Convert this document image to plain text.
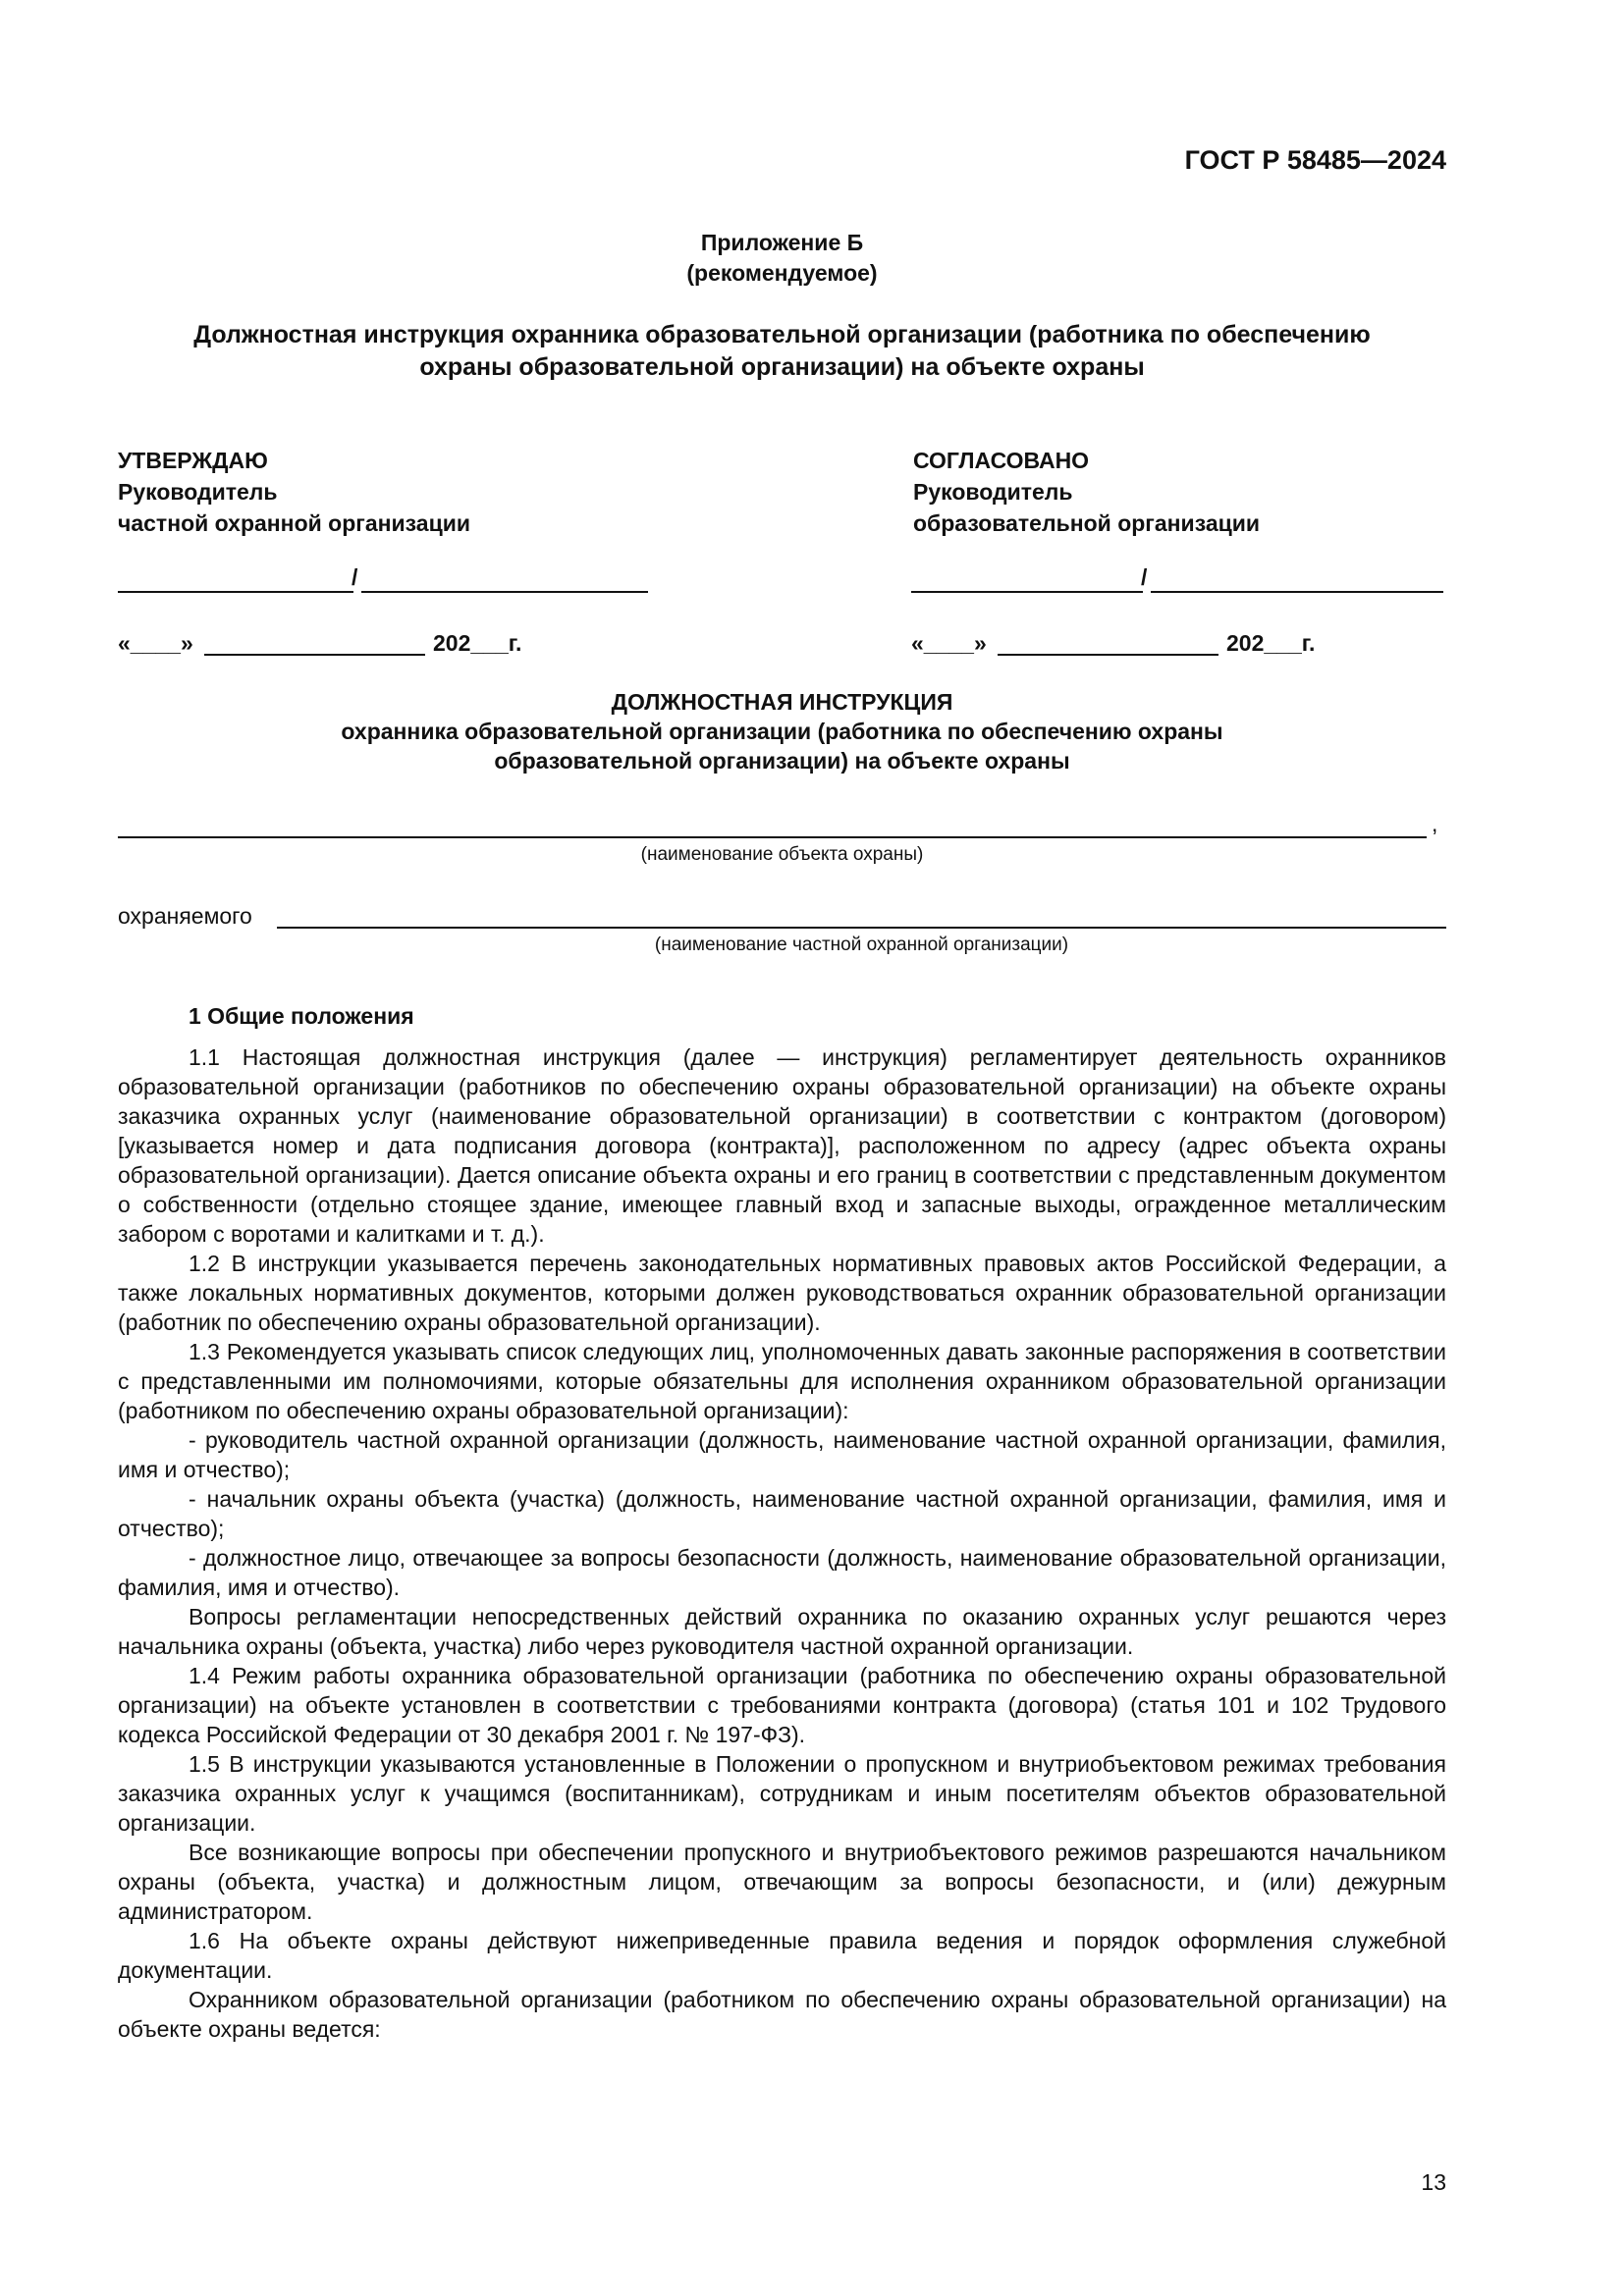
ГОСТ Р 58485—2024
Приложение Б
(рекомендуемое)
Должностная инструкция охранника образовательной организации (работника по обеспечению
охраны образовательной организации) на объекте охраны
УТВЕРЖДАЮ
Руководитель
частной охранной организации
/
«____»	202___г.
СОГЛАСОВАНО
Руководитель
образовательной организации
/
«____»	202___г.
ДОЛЖНОСТНАЯ ИНСТРУКЦИЯ
охранника образовательной организации (работника по обеспечению охраны
образовательной организации) на объекте охраны
,
(наименование объекта охраны)
охраняемого
(наименование частной охранной организации)
1 Общие положения

1.1 Настоящая должностная инструкция (далее — инструкция) регламентирует деятельность охранников образовательной организации (работников по обеспечению охраны образовательной организации) на объекте охраны заказчика охранных услуг (наименование образовательной организации) в соответствии с контрактом (договором) [указывается номер и дата подписания договора (контракта)], расположенном по адресу (адрес объекта охраны образовательной организации). Дается описание объекта охраны и его границ в соответствии с представленным документом о собственности (отдельно стоящее здание, имеющее главный вход и запасные выходы, огражденное металлическим забором с воротами и калитками и т. д.).

1.2 В инструкции указывается перечень законодательных нормативных правовых актов Российской Федерации, а также локальных нормативных документов, которыми должен руководствоваться охранник образовательной организации (работник по обеспечению охраны образовательной организации).

1.3 Рекомендуется указывать список следующих лиц, уполномоченных давать законные распоряжения в соответствии с представленными им полномочиями, которые обязательны для исполнения охранником образовательной организации (работником по обеспечению охраны образовательной организации):

- руководитель частной охранной организации (должность, наименование частной охранной организации, фамилия, имя и отчество);

- начальник охраны объекта (участка) (должность, наименование частной охранной организации, фамилия, имя и отчество);

- должностное лицо, отвечающее за вопросы безопасности (должность, наименование образовательной организации, фамилия, имя и отчество).

Вопросы регламентации непосредственных действий охранника по оказанию охранных услуг решаются через начальника охраны (объекта, участка) либо через руководителя частной охранной организации.

1.4 Режим работы охранника образовательной организации (работника по обеспечению охраны образовательной организации) на объекте установлен в соответствии с требованиями контракта (договора) (статья 101 и 102 Трудового кодекса Российской Федерации от 30 декабря 2001 г. № 197-ФЗ).

1.5 В инструкции указываются установленные в Положении о пропускном и внутриобъектовом режимах требования заказчика охранных услуг к учащимся (воспитанникам), сотрудникам и иным посетителям объектов образовательной организации.

Все возникающие вопросы при обеспечении пропускного и внутриобъектового режимов разрешаются начальником охраны (объекта, участка) и должностным лицом, отвечающим за вопросы безопасности, и (или) дежурным администратором.

1.6 На объекте охраны действуют нижеприведенные правила ведения и порядок оформления служебной документации.

Охранником образовательной организации (работником по обеспечению охраны образовательной организации) на объекте охраны ведется:

13
